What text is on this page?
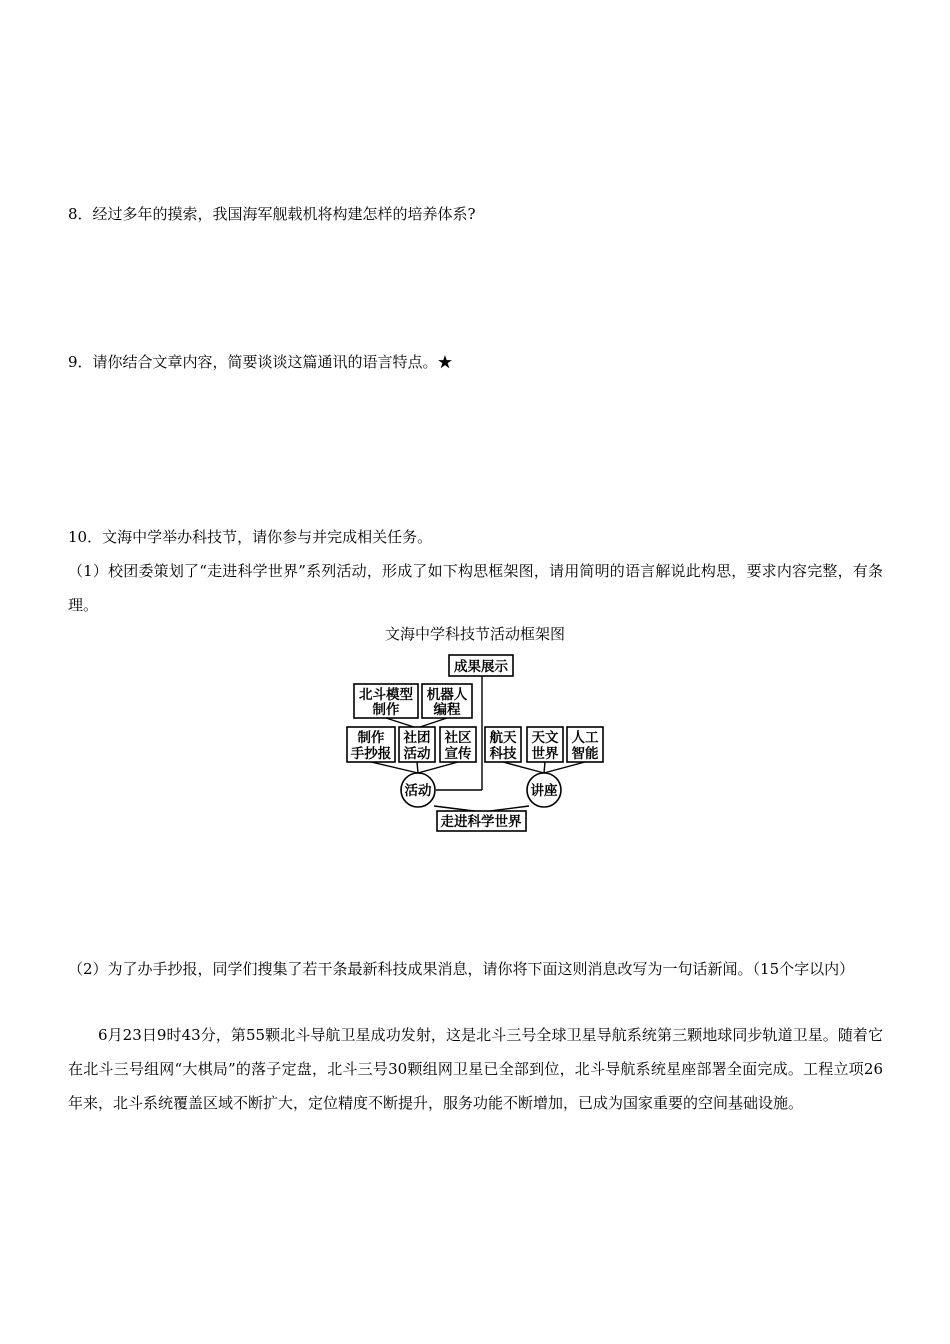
8．经过多年的摸索，我国海军舰载机将构建怎样的培养体系?
9．请你结合文章内容，简要谈谈这篇通讯的语言特点。★
10．文海中学举办科技节，请你参与并完成相关任务。
（1）校团委策划了“走进科学世界”系列活动，形成了如下构思框架图，请用简明的语言解说此构思，要求内容完整，有条理。
文海中学科技节活动框架图
成果展示
北斗模型
制作
机器人
编程
制作
手抄报
社团
活动
社区
宣传
航天
科技
天文
世界
人工
智能
活动	讲座
走进科学世界
（2）为了办手抄报，同学们搜集了若干条最新科技成果消息，请你将下面这则消息改写为一句话新闻。（15个字以内）
6月23日9时43分，第55颗北斗导航卫星成功发射，这是北斗三号全球卫星导航系统第三颗地球同步轨道卫星。随着它在北斗三号组网“大棋局”的落子定盘，北斗三号30颗组网卫星已全部到位，北斗导航系统星座部署全面完成。工程立项26年来，北斗系统覆盖区域不断扩大，定位精度不断提升，服务功能不断增加，已成为国家重要的空间基础设施。
